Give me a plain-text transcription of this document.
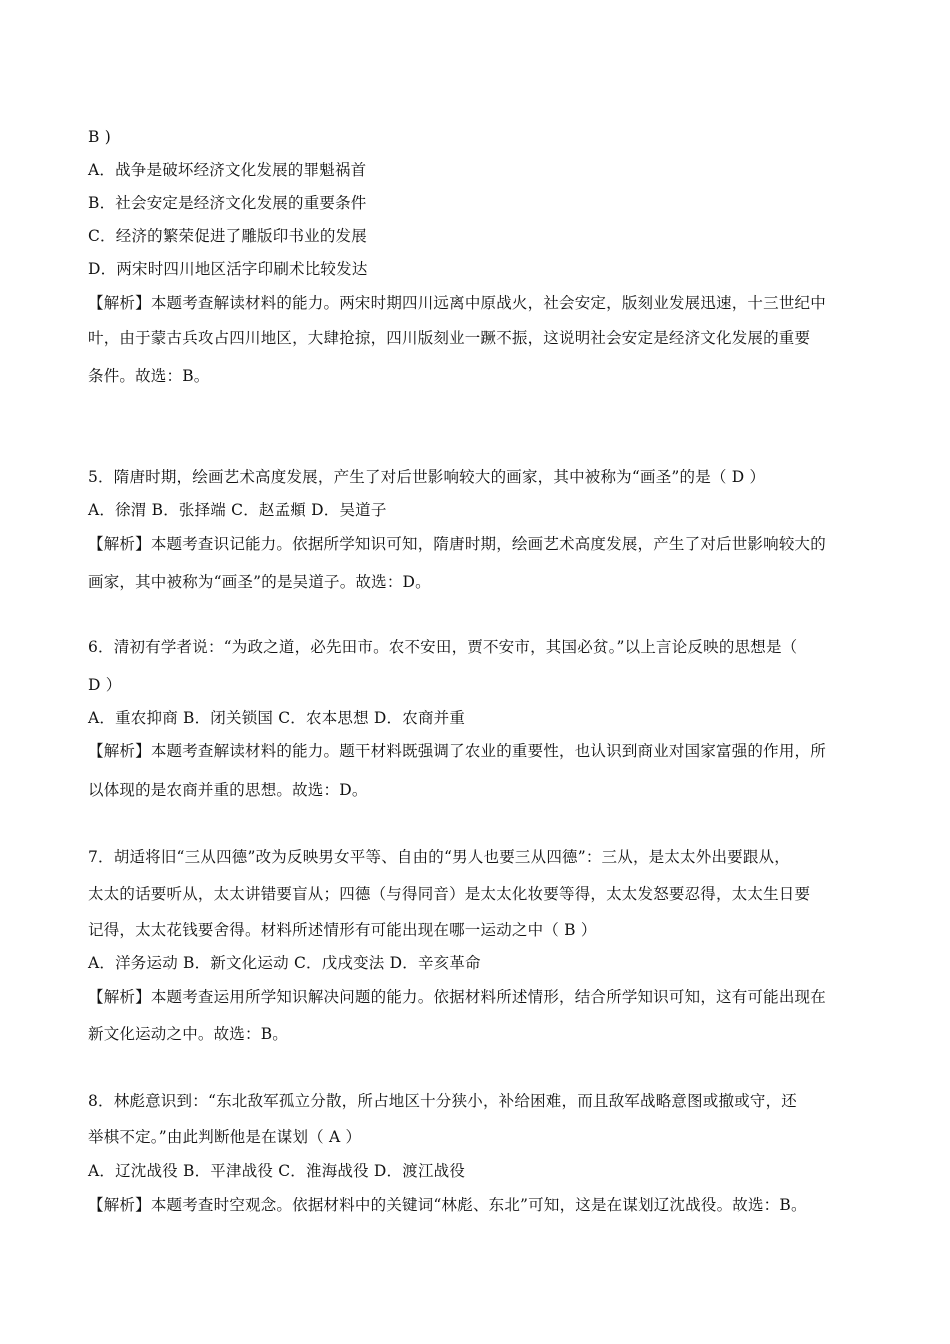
B )
A．战争是破坏经济文化发展的罪魁祸首
B．社会安定是经济文化发展的重要条件
C．经济的繁荣促进了雕版印书业的发展
D．两宋时四川地区活字印刷术比较发达
【解析】本题考查解读材料的能力。两宋时期四川远离中原战火，社会安定，版刻业发展迅速，十三世纪中
叶，由于蒙古兵攻占四川地区，大肆抢掠，四川版刻业一蹶不振，这说明社会安定是经济文化发展的重要
条件。故选：B。
5．隋唐时期，绘画艺术高度发展，产生了对后世影响较大的画家，其中被称为“画圣”的是（ D ）
A．徐渭 B．张择端 C．赵孟頫 D．吴道子
【解析】本题考查识记能力。依据所学知识可知，隋唐时期，绘画艺术高度发展，产生了对后世影响较大的
画家，其中被称为“画圣”的是吴道子。故选：D。
6．清初有学者说：“为政之道，必先田市。农不安田，贾不安市，其国必贫。”以上言论反映的思想是（
D ）
A．重农抑商 B．闭关锁国 C．农本思想 D．农商并重
【解析】本题考查解读材料的能力。题干材料既强调了农业的重要性，也认识到商业对国家富强的作用，所
以体现的是农商并重的思想。故选：D。
7．胡适将旧“三从四德”改为反映男女平等、自由的“男人也要三从四德”：三从，是太太外出要跟从，
太太的话要听从，太太讲错要盲从；四德（与得同音）是太太化妆要等得，太太发怒要忍得，太太生日要
记得，太太花钱要舍得。材料所述情形有可能出现在哪一运动之中（ B ）
A．洋务运动 B．新文化运动 C．戊戌变法 D．辛亥革命
【解析】本题考查运用所学知识解决问题的能力。依据材料所述情形，结合所学知识可知，这有可能出现在
新文化运动之中。故选：B。
8．林彪意识到：“东北敌军孤立分散，所占地区十分狭小，补给困难，而且敌军战略意图或撤或守，还
举棋不定。”由此判断他是在谋划（ A ）
A．辽沈战役 B．平津战役 C．淮海战役 D．渡江战役
【解析】本题考查时空观念。依据材料中的关键词“林彪、东北”可知，这是在谋划辽沈战役。故选：B。
